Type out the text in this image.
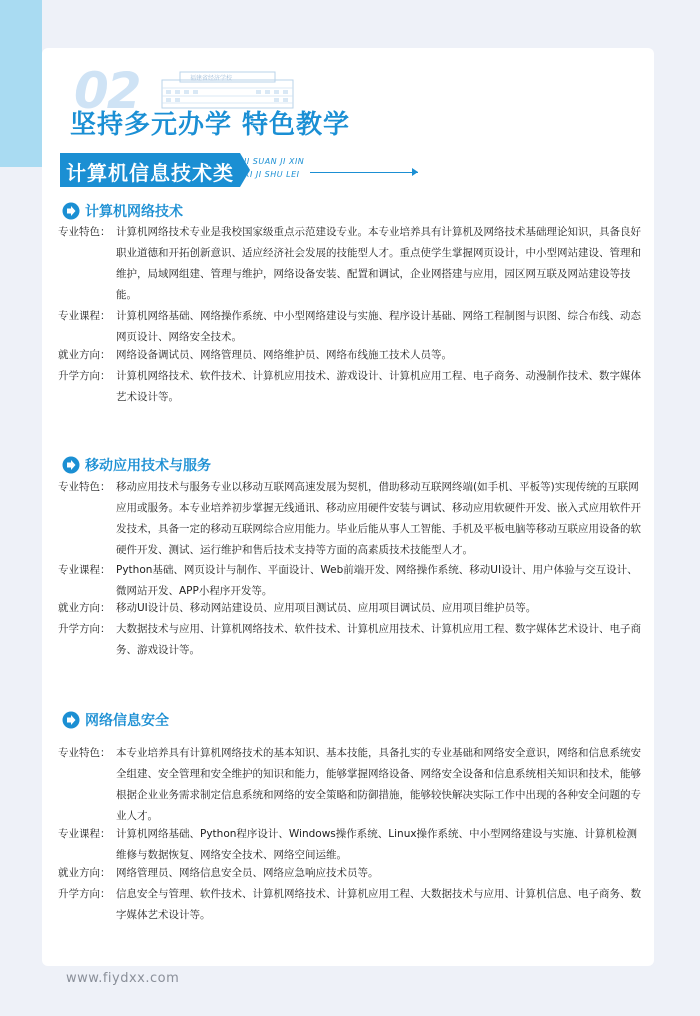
02	福建省经济学校
坚持多元办学 特色教学
计算机信息技术类 JI SUAN JI XIN
XI JI SHU LEI
计算机网络技术
专业特色： 计算机网络技术专业是我校国家级重点示范建设专业。本专业培养具有计算机及网络技术基础理论知识，具备良好职业道德和开拓创新意识、适应经济社会发展的技能型人才。重点使学生掌握网页设计，中小型网站建设、管理和维护，局域网组建、管理与维护，网络设备安装、配置和调试，企业网搭建与应用，园区网互联及网站建设等技能。
专业课程： 计算机网络基础、网络操作系统、中小型网络建设与实施、程序设计基础、网络工程制图与识图、综合布线、动态网页设计、网络安全技术。
就业方向： 网络设备调试员、网络管理员、网络维护员、网络布线施工技术人员等。
升学方向： 计算机网络技术、软件技术、计算机应用技术、游戏设计、计算机应用工程、电子商务、动漫制作技术、数字媒体艺术设计等。
移动应用技术与服务
专业特色： 移动应用技术与服务专业以移动互联网高速发展为契机，借助移动互联网终端(如手机、平板等)实现传统的互联网应用或服务。本专业培养初步掌握无线通讯、移动应用硬件安装与调试、移动应用软硬件开发、嵌入式应用软件开发技术，具备一定的移动互联网综合应用能力。毕业后能从事人工智能、手机及平板电脑等移动互联应用设备的软硬件开发、测试、运行维护和售后技术支持等方面的高素质技术技能型人才。
专业课程： Python基础、网页设计与制作、平面设计、Web前端开发、网络操作系统、移动UI设计、用户体验与交互设计、微网站开发、APP小程序开发等。
就业方向： 移动UI设计员、移动网站建设员、应用项目测试员、应用项目调试员、应用项目维护员等。
升学方向： 大数据技术与应用、计算机网络技术、软件技术、计算机应用技术、计算机应用工程、数字媒体艺术设计、电子商务、游戏设计等。
网络信息安全
专业特色： 本专业培养具有计算机网络技术的基本知识、基本技能，具备扎实的专业基础和网络安全意识，网络和信息系统安全组建、安全管理和安全维护的知识和能力，能够掌握网络设备、网络安全设备和信息系统相关知识和技术，能够根据企业业务需求制定信息系统和网络的安全策略和防御措施，能够较快解决实际工作中出现的各种安全问题的专业人才。
专业课程： 计算机网络基础、Python程序设计、Windows操作系统、Linux操作系统、中小型网络建设与实施、计算机检测维修与数据恢复、网络安全技术、网络空间运维。
就业方向： 网络管理员、网络信息安全员、网络应急响应技术员等。
升学方向： 信息安全与管理、软件技术、计算机网络技术、计算机应用工程、大数据技术与应用、计算机信息、电子商务、数字媒体艺术设计等。
www.fiydxx.com
